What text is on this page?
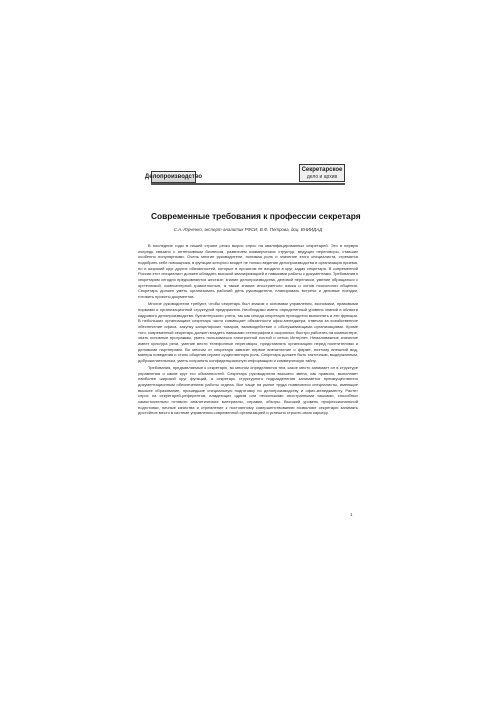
Делопроизводство
Секретарское
дело и архив
Современные требования к профессии секретаря
С.А. Юрченко, эксперт-аналитик РФСИ, В.Ф. Петрова, доц. ВНИИДАД

В последние годы в нашей стране резко вырос спрос на квалифицированных секретарей. Это в первую очередь связано с интенсивным бизнесом, развитием коммерческих структур, ведущих переговоры, ставших особенно популярными. Очень многие руководители, понимая роль и значение этого специалиста, стремятся подобрать себе помощника, в функции которого входит не только ведение делопроизводства и организация приема, но и широкий круг других обязанностей, которые в прошлом не входили в круг задач секретаря. В современной России этот специалист должен обладать высокой квалификацией и навыками работы с документами. Требования к секретарям сегодня предъявляются жесткие: знание делопроизводства, деловой переписки, умение обращаться с оргтехникой, компьютерной грамотностью, а также знание иностранного языка и основ психологии общения. Секретарь должен уметь организовать рабочий день руководителя, планировать встречи и деловые поездки, готовить проекты документов.

Многие руководители требуют, чтобы секретарь был знаком с основами управления, экономики, правовыми нормами и организационной структурой предприятия. Необходимо иметь определенный уровень знаний в области кадрового делопроизводства, бухгалтерского учета, так как иногда секретарю приходится выполнять и эти функции. В небольших организациях секретарь часто совмещает обязанности офис-менеджера, отвечая за хозяйственное обеспечение офиса, закупку канцелярских товаров, взаимодействие с обслуживающими организациями. Кроме того, современный секретарь должен владеть навыками стенографии и скорописи, быстро работать на компьютере, знать основные программы, уметь пользоваться электронной почтой и сетью Интернет. Немаловажное значение имеет культура речи, умение вести телефонные переговоры, представлять организацию перед посетителями и деловыми партнерами. Во многом от секретаря зависит первое впечатление о фирме, поэтому внешний вид, манера поведения и стиль общения играют существенную роль. Секретарь должен быть тактичным, выдержанным, доброжелательным, уметь сохранять конфиденциальную информацию и коммерческую тайну.

Требования, предъявляемые к секретарю, во многом определяются тем, какое место занимает он в структуре управления и каков круг его обязанностей. Секретарь руководителя высшего звена, как правило, выполняет наиболее широкий круг функций, а секретарь структурного подразделения занимается преимущественно документационным обеспечением работы отдела. Все чаще на рынке труда появляются специалисты, имеющие высшее образование, прошедшие специальную подготовку по делопроизводству и офис-менеджменту. Растет спрос на секретарей-референтов, владеющих одним или несколькими иностранными языками, способных самостоятельно готовить аналитические материалы, справки, обзоры. Высокий уровень профессиональной подготовки, личные качества и стремление к постоянному совершенствованию позволяют секретарю занимать достойное место в системе управления современной организацией и успешно строить свою карьеру.

1
